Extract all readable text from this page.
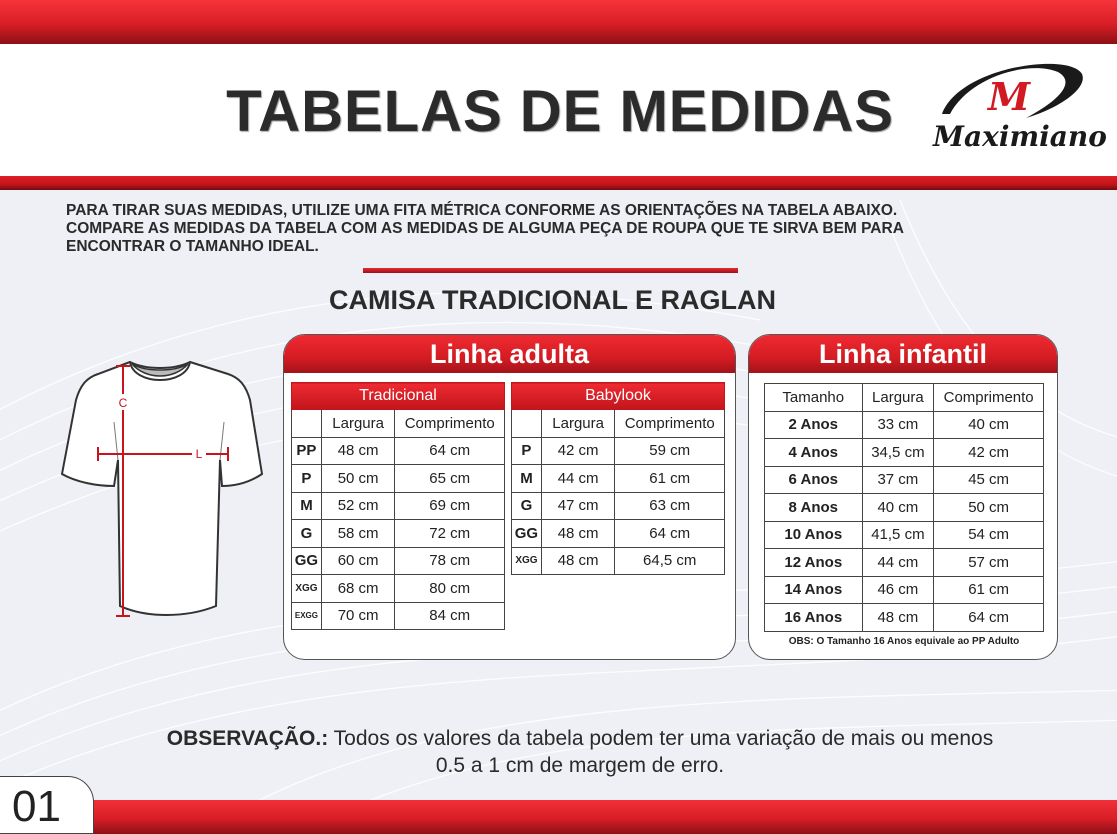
TABELAS DE MEDIDAS	M
Maximiano
PARA TIRAR SUAS MEDIDAS, UTILIZE UMA FITA MÉTRICA CONFORME AS ORIENTAÇÕES NA TABELA ABAIXO.
COMPARE AS MEDIDAS DA TABELA COM AS MEDIDAS DE ALGUMA PEÇA DE ROUPA QUE TE SIRVA BEM PARA
ENCONTRAR O TAMANHO IDEAL.
CAMISA TRADICIONAL E RAGLAN
C
L
Linha adulta
Tradicional		
	Largura	Comprimento
PP	48 cm	64 cm
P	50 cm	65 cm
M	52 cm	69 cm
G	58 cm	72 cm
GG	60 cm	78 cm
XGG	68 cm	80 cm
EXGG	70 cm	84 cm
Babylook		
	Largura	Comprimento
P	42 cm	59 cm
M	44 cm	61 cm
G	47 cm	63 cm
GG	48 cm	64 cm
XGG	48 cm	64,5 cm
Linha infantil
Tamanho	Largura	Comprimento
2 Anos	33 cm	40 cm
4 Anos	34,5 cm	42 cm
6 Anos	37 cm	45 cm
8 Anos	40 cm	50 cm
10 Anos	41,5 cm	54 cm
12 Anos	44 cm	57 cm
14 Anos	46 cm	61 cm
16 Anos	48 cm	64 cm
OBS: O Tamanho 16 Anos equivale ao PP Adulto
OBSERVAÇÃO.: Todos os valores da tabela podem ter uma variação de mais ou menos
0.5 a 1 cm de margem de erro.
01
